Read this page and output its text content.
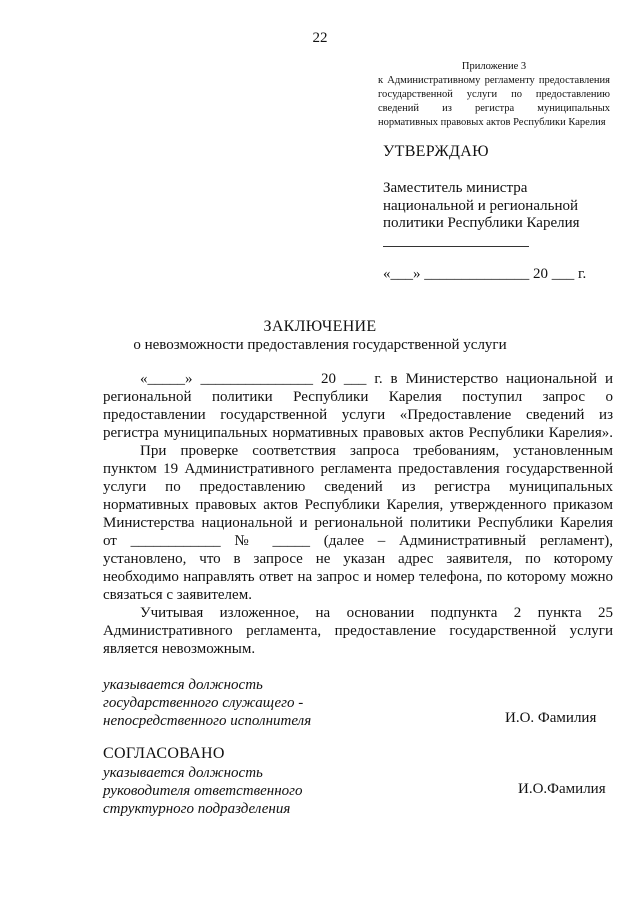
22
Приложение 3
к Административному регламенту предоставления
государственной услуги по предоставлению
сведений из регистра муниципальных
нормативных правовых актов Республики Карелия
УТВЕРЖДАЮ
Заместитель министра
национальной и региональной
политики Республики Карелия
«___» ______________ 20 ___ г.
ЗАКЛЮЧЕНИЕ
о невозможности предоставления государственной услуги
«_____» _______________ 20 ___ г. в Министерство национальной и
региональной политики Республики Карелия поступил запрос о
предоставлении государственной услуги «Предоставление сведений из
регистра муниципальных нормативных правовых актов Республики Карелия».
При проверке соответствия запроса требованиям, установленным
пунктом 19 Административного регламента предоставления государственной
услуги по предоставлению сведений из регистра муниципальных
нормативных правовых актов Республики Карелия, утвержденного приказом
Министерства национальной и региональной политики Республики Карелия
от ____________ № _____ (далее – Административный регламент),
установлено, что в запросе не указан адрес заявителя, по которому
необходимо направлять ответ на запрос и номер телефона, по которому можно
связаться с заявителем.
Учитывая изложенное, на основании подпункта 2 пункта 25
Административного регламента, предоставление государственной услуги
является невозможным.
указывается должность
государственного служащего -
непосредственного исполнителя	И.О. Фамилия
СОГЛАСОВАНО
указывается должность
руководителя ответственного
структурного подразделения
И.О.Фамилия
